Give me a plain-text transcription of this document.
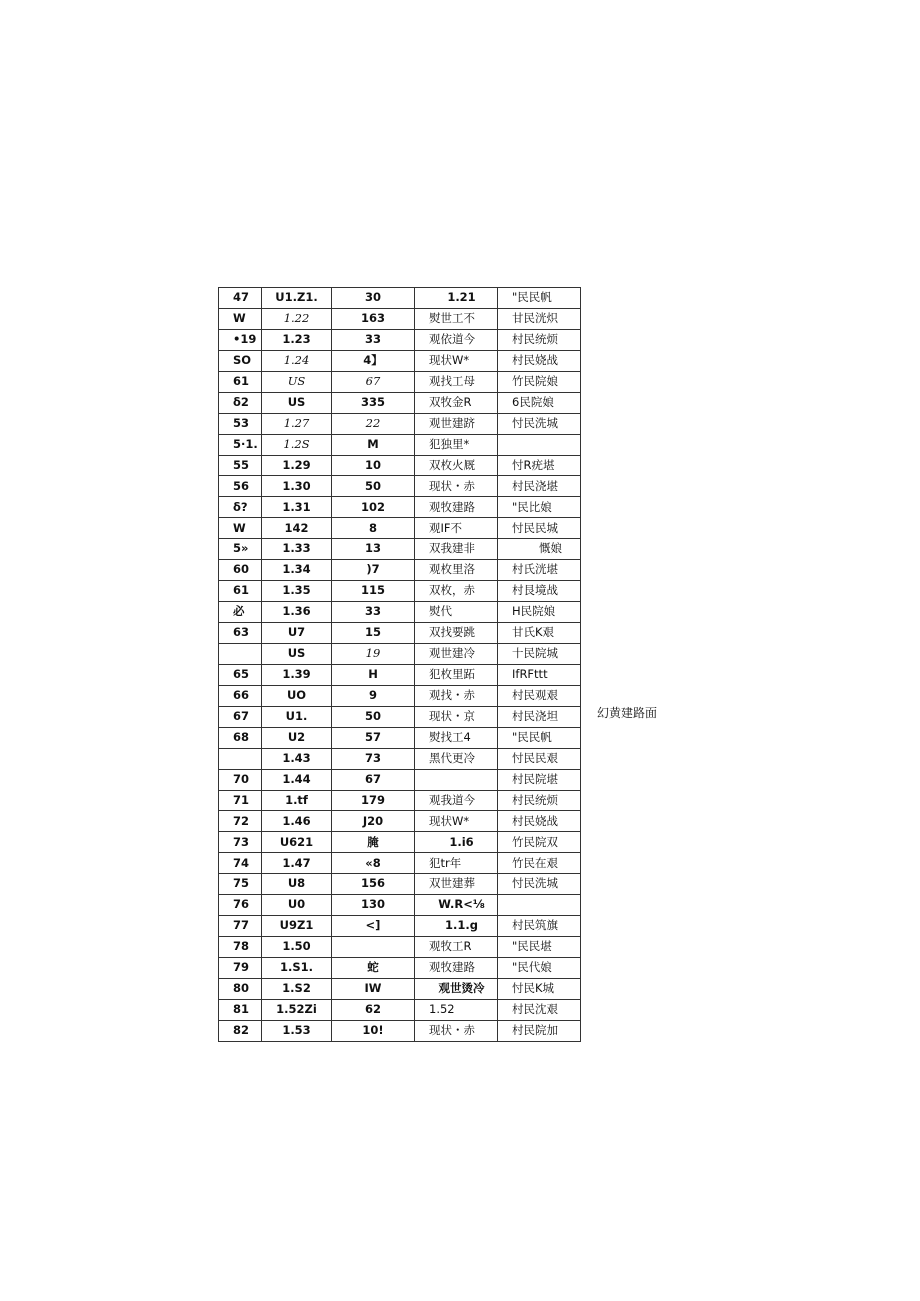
47	U1.Z1.	30	1.21	"民民帆
W	1.22	163	熨世工不	甘民洸炽
•19	1.23	33	观依道今	村民统烦
SO	1.24	4】	现状W*	村民娆战
61	US	67	观找工母	竹民院娘
δ2	US	335	双牧金R	6民院娘
53	1.27	22	观世建跻	忖民洗城
5·1.	1.2S	M	犯独里*	
55	1.29	10	双枚火厩	忖R疣堪
56	1.30	50	现状・赤	村民浇堪
δ?	1.31	102	观牧建路	"民比娘
W	142	8	观IF不	忖民民城
5»	1.33	13	双我建非	慨娘
60	1.34	)7	观枚里洛	村氏洸堪
61	1.35	115	双枚，赤	村艮境战
必	1.36	33	熨代	H民院娘
63	U7	15	双找要跳	甘氏K艰
	US	19	观世建冷	十民院城
65	1.39	H	犯枚里跖	IfRFttt
66	UO	9	观找・赤	村民观艰
67	U1.	50	现状・京	村民浇坦
68	U2	57	熨找工4	"民民帆
	1.43	73	黑代更冷	忖民民艰
70	1.44	67		村民院堪
71	1.tf	179	观我道今	村民统烦
72	1.46	J20	现状W*	村民娆战
73	U621	腌	1.i6	竹民院双
74	1.47	«8	犯tr年	竹民在艰
75	U8	156	双世建葬	忖民洗城
76	U0	130	W.R<⅛	
77	U9Z1	<]	1.1.g	村民筑旗
78	1.50		观牧工R	"民民堪
79	1.S1.	蛇	观牧建路	"民代娘
80	1.S2	IW	观世烫冷	忖民K城
81	1.52Zi	62	1.52	村民沈艰
82	1.53	10!	现状・赤	村民院加
幻黄建路面
